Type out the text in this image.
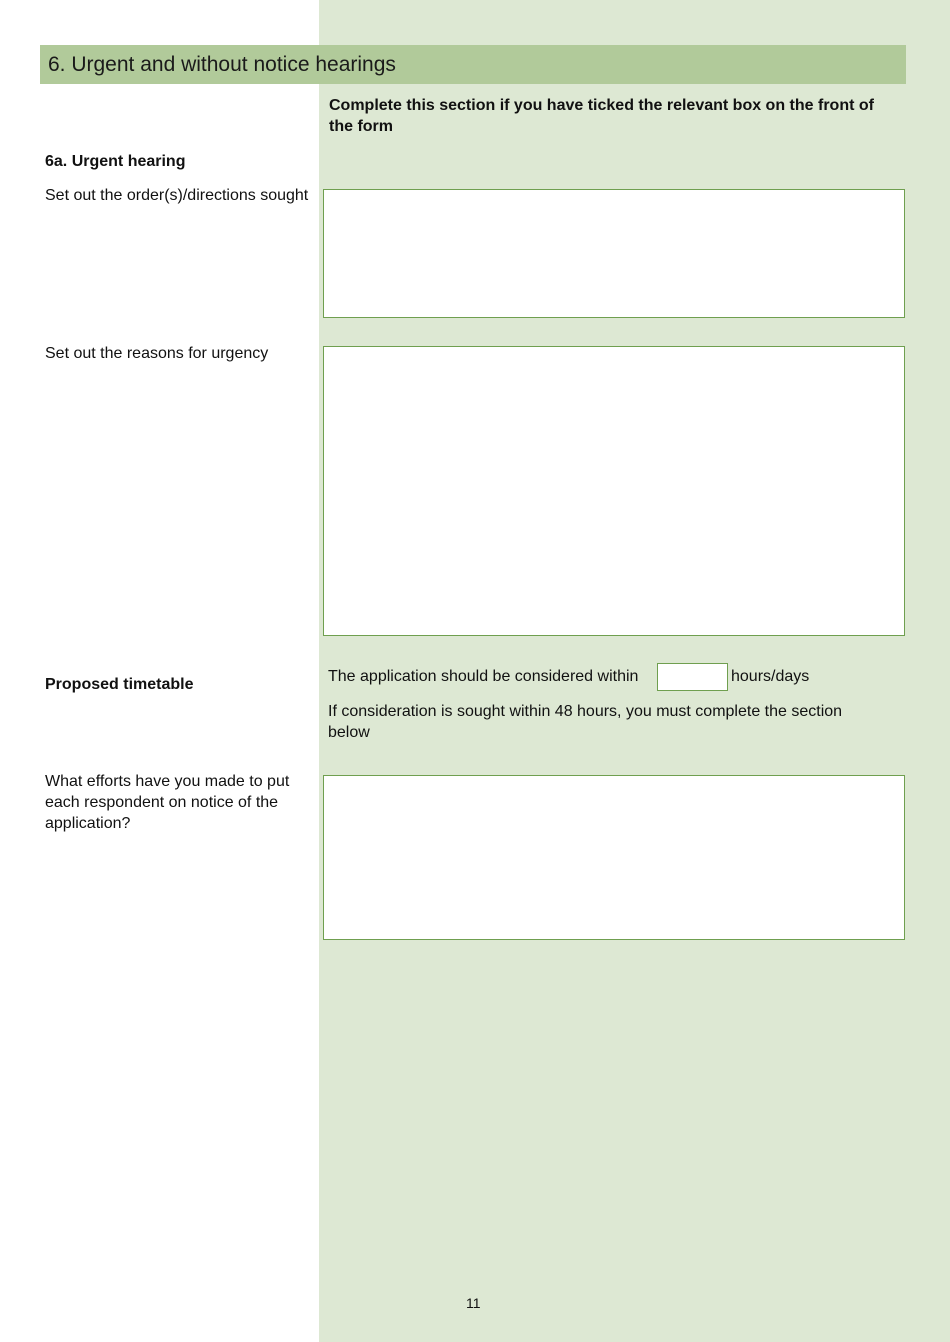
6. Urgent and without notice hearings
Complete this section if you have ticked the relevant box on the front of the form
6a. Urgent hearing
Set out the order(s)/directions sought
Set out the reasons for urgency
Proposed timetable	The application should be considered within	hours/days
If consideration is sought within 48 hours, you must complete the section below
What efforts have you made to put each respondent on notice of the application?
11
